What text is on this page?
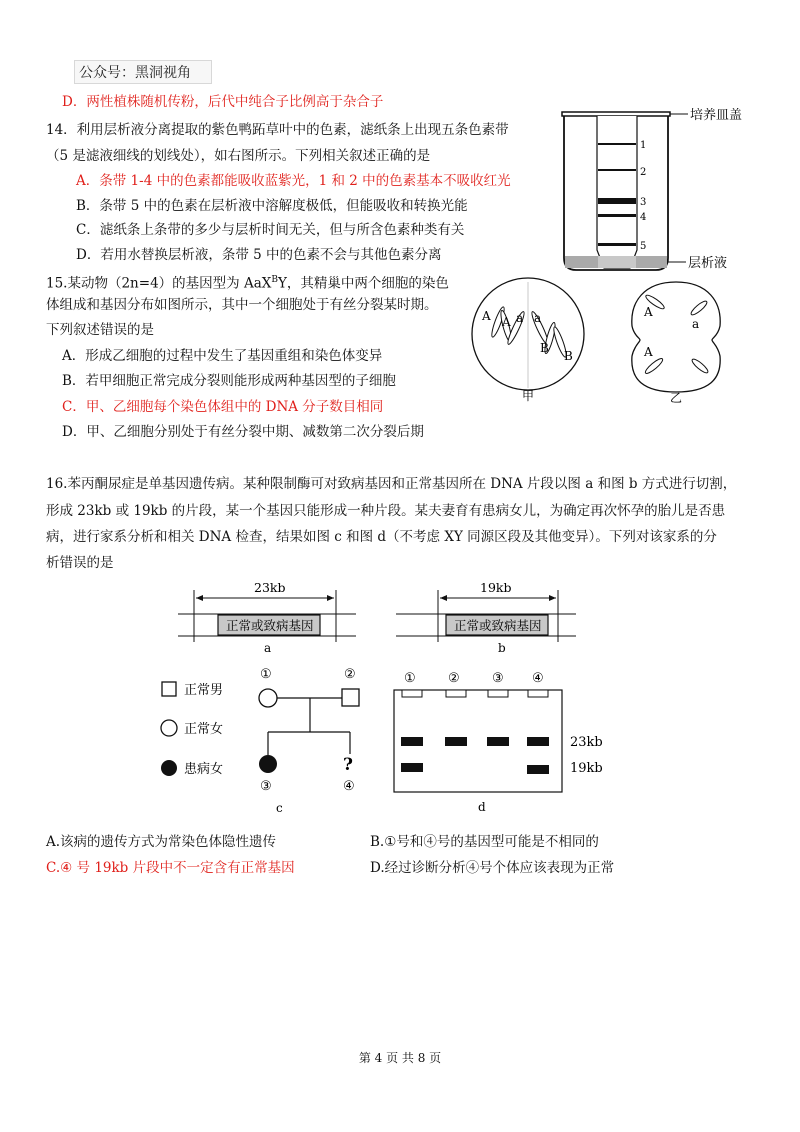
公众号：黑洞视角
D．两性植株随机传粉，后代中纯合子比例高于杂合子
14．利用层析液分离提取的紫色鸭跖草叶中的色素，滤纸条上出现五条色素带
（5 是滤液细线的划线处），如右图所示。下列相关叙述正确的是
A．条带 1-4 中的色素都能吸收蓝紫光，1 和 2 中的色素基本不吸收红光
B．条带 5 中的色素在层析液中溶解度极低，但能吸收和转换光能
C．滤纸条上条带的多少与层析时间无关，但与所含色素种类有关
D．若用水替换层析液，条带 5 中的色素不会与其他色素分离
培养皿盖
层析液
1
2
3
4
5
15.某动物（2n=4）的基因型为 AaX$^B$Y，其精巢中两个细胞的染色
体组成和基因分布如图所示，其中一个细胞处于有丝分裂某时期。
下列叙述错误的是
A．形成乙细胞的过程中发生了基因重组和染色体变异
B．若甲细胞正常完成分裂则能形成两种基因型的子细胞
C．甲、乙细胞每个染色体组中的 DNA 分子数目相同
D．甲、乙细胞分别处于有丝分裂中期、减数第二次分裂后期
A A a a
B
B
甲
A
a
A
乙
16.苯丙酮尿症是单基因遗传病。某种限制酶可对致病基因和正常基因所在 DNA 片段以图 a 和图 b 方式进行切割，
形成 23kb 或 19kb 的片段，某一个基因只能形成一种片段。某夫妻育有患病女儿，为确定再次怀孕的胎儿是否患
病，进行家系分析和相关 DNA 检查，结果如图 c 和图 d（不考虑 XY 同源区段及其他变异）。下列对该家系的分
析错误的是
正常或致病基因
23kb
a
正常或致病基因
19kb
b
正常男
正常女
患病女
①	②
?
③	④
c
① ② ③ ④
23kb
19kb
d
A.该病的遗传方式为常染色体隐性遗传	B.①号和④号的基因型可能是不相同的
C.④ 号 19kb 片段中不一定含有正常基因	D.经过诊断分析④号个体应该表现为正常
第 4 页 共 8 页
